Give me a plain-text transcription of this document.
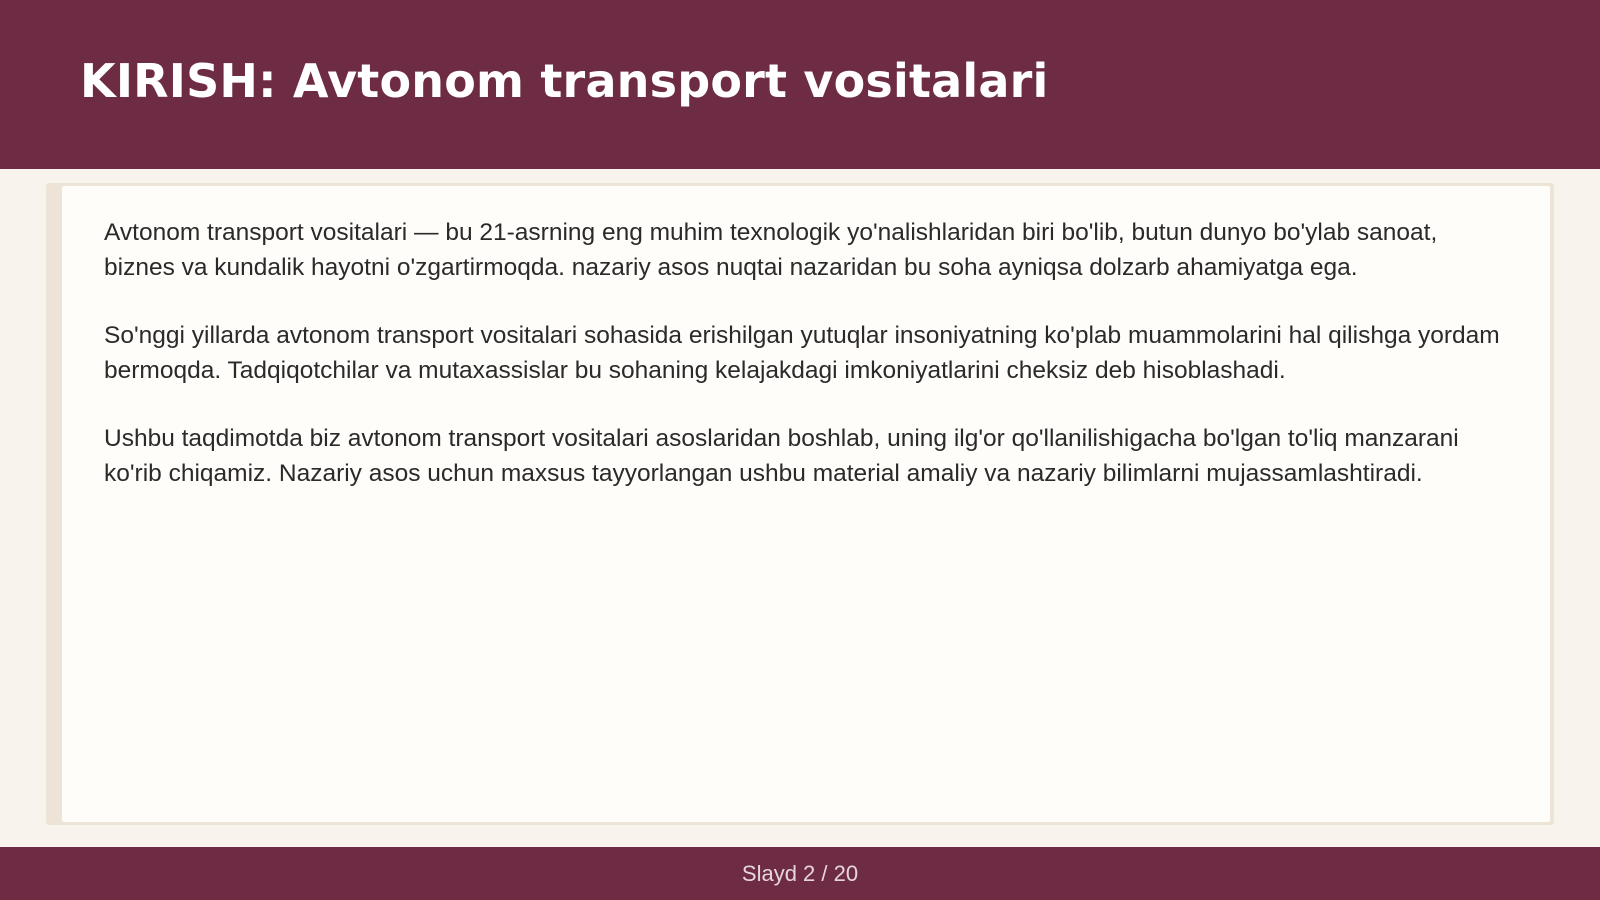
KIRISH: Avtonom transport vositalari

Avtonom transport vositalari — bu 21-asrning eng muhim texnologik yo'nalishlaridan biri bo'lib, butun dunyo bo'ylab sanoat, biznes va kundalik hayotni o'zgartirmoqda. nazariy asos nuqtai nazaridan bu soha ayniqsa dolzarb ahamiyatga ega.

So'nggi yillarda avtonom transport vositalari sohasida erishilgan yutuqlar insoniyatning ko'plab muammolarini hal qilishga yordam bermoqda. Tadqiqotchilar va mutaxassislar bu sohaning kelajakdagi imkoniyatlarini cheksiz deb hisoblashadi.

Ushbu taqdimotda biz avtonom transport vositalari asoslaridan boshlab, uning ilg'or qo'llanilishigacha bo'lgan to'liq manzarani ko'rib chiqamiz. Nazariy asos uchun maxsus tayyorlangan ushbu material amaliy va nazariy bilimlarni mujassamlashtiradi.

Slayd 2 / 20
